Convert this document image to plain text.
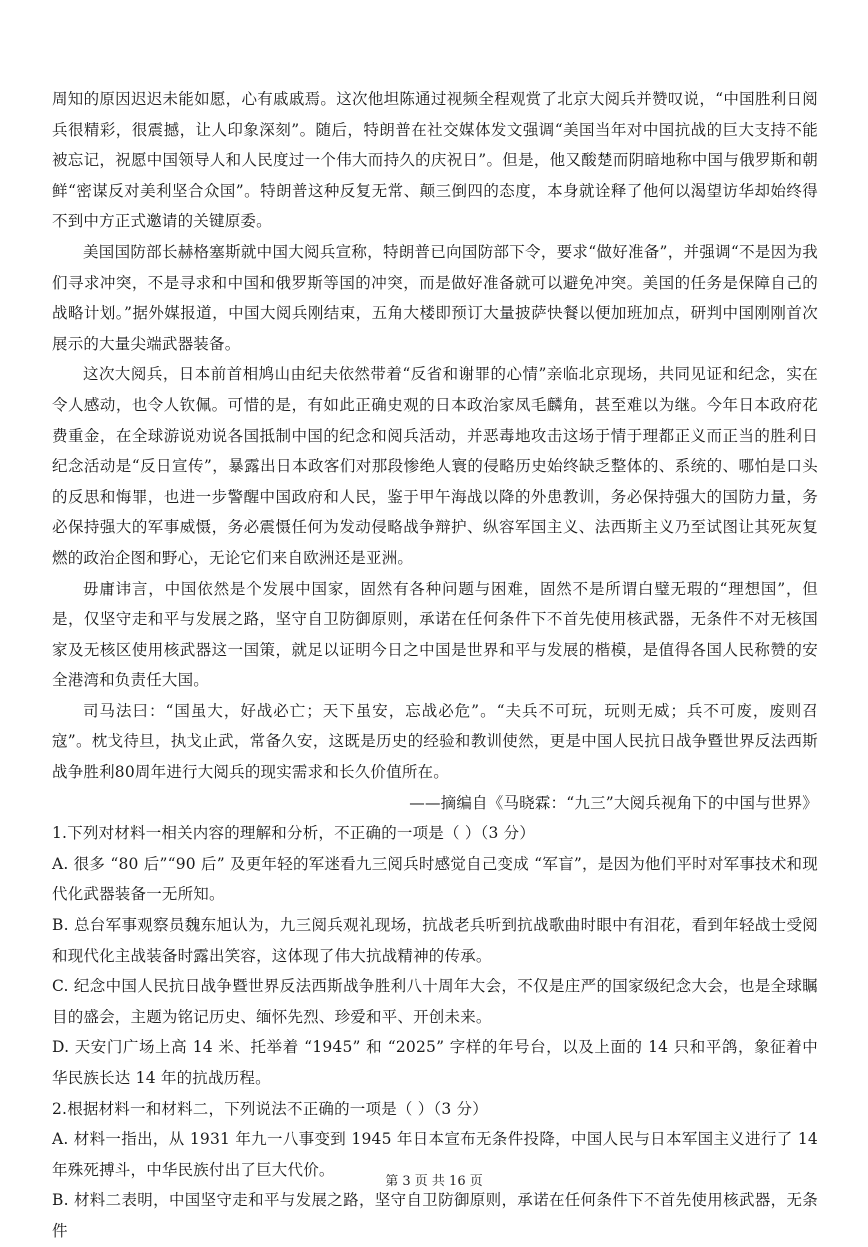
周知的原因迟迟未能如愿，心有戚戚焉。这次他坦陈通过视频全程观赏了北京大阅兵并赞叹说，“中国胜利日阅兵很精彩，很震撼，让人印象深刻”。随后，特朗普在社交媒体发文强调“美国当年对中国抗战的巨大支持不能被忘记，祝愿中国领导人和人民度过一个伟大而持久的庆祝日”。但是，他又酸楚而阴暗地称中国与俄罗斯和朝鲜“密谋反对美利坚合众国”。特朗普这种反复无常、颠三倒四的态度，本身就诠释了他何以渴望访华却始终得不到中方正式邀请的关键原委。

美国国防部长赫格塞斯就中国大阅兵宣称，特朗普已向国防部下令，要求“做好准备”，并强调“不是因为我们寻求冲突，不是寻求和中国和俄罗斯等国的冲突，而是做好准备就可以避免冲突。美国的任务是保障自己的战略计划。”据外媒报道，中国大阅兵刚结束，五角大楼即预订大量披萨快餐以便加班加点，研判中国刚刚首次展示的大量尖端武器装备。

这次大阅兵，日本前首相鸠山由纪夫依然带着“反省和谢罪的心情”亲临北京现场，共同见证和纪念，实在令人感动，也令人钦佩。可惜的是，有如此正确史观的日本政治家凤毛麟角，甚至难以为继。今年日本政府花费重金，在全球游说劝说各国抵制中国的纪念和阅兵活动，并恶毒地攻击这场于情于理都正义而正当的胜利日纪念活动是“反日宣传”，暴露出日本政客们对那段惨绝人寰的侵略历史始终缺乏整体的、系统的、哪怕是口头的反思和悔罪，也进一步警醒中国政府和人民，鉴于甲午海战以降的外患教训，务必保持强大的国防力量，务必保持强大的军事威慑，务必震慑任何为发动侵略战争辩护、纵容军国主义、法西斯主义乃至试图让其死灰复燃的政治企图和野心，无论它们来自欧洲还是亚洲。

毋庸讳言，中国依然是个发展中国家，固然有各种问题与困难，固然不是所谓白璧无瑕的“理想国”，但是，仅坚守走和平与发展之路，坚守自卫防御原则，承诺在任何条件下不首先使用核武器，无条件不对无核国家及无核区使用核武器这一国策，就足以证明今日之中国是世界和平与发展的楷模，是值得各国人民称赞的安全港湾和负责任大国。

司马法曰：“国虽大，好战必亡；天下虽安，忘战必危”。“夫兵不可玩，玩则无威；兵不可废，废则召寇”。枕戈待旦，执戈止武，常备久安，这既是历史的经验和教训使然，更是中国人民抗日战争暨世界反法西斯战争胜利80周年进行大阅兵的现实需求和长久价值所在。

——摘编自《马晓霖：“九三”大阅兵视角下的中国与世界》

1.下列对材料一相关内容的理解和分析，不正确的一项是（ ）（3 分）

A. 很多 “80 后”“90 后” 及更年轻的军迷看九三阅兵时感觉自己变成 “军盲”，是因为他们平时对军事技术和现代化武器装备一无所知。

B. 总台军事观察员魏东旭认为，九三阅兵观礼现场，抗战老兵听到抗战歌曲时眼中有泪花，看到年轻战士受阅和现代化主战装备时露出笑容，这体现了伟大抗战精神的传承。

C. 纪念中国人民抗日战争暨世界反法西斯战争胜利八十周年大会，不仅是庄严的国家级纪念大会，也是全球瞩目的盛会，主题为铭记历史、缅怀先烈、珍爱和平、开创未来。

D. 天安门广场上高 14 米、托举着 “1945” 和 “2025” 字样的年号台，以及上面的 14 只和平鸽，象征着中华民族长达 14 年的抗战历程。

2.根据材料一和材料二，下列说法不正确的一项是（ ）（3 分）

A. 材料一指出，从 1931 年九一八事变到 1945 年日本宣布无条件投降，中国人民与日本军国主义进行了 14 年殊死搏斗，中华民族付出了巨大代价。

B. 材料二表明，中国坚守走和平与发展之路，坚守自卫防御原则，承诺在任何条件下不首先使用核武器，无条件

第 3 页 共 16 页
